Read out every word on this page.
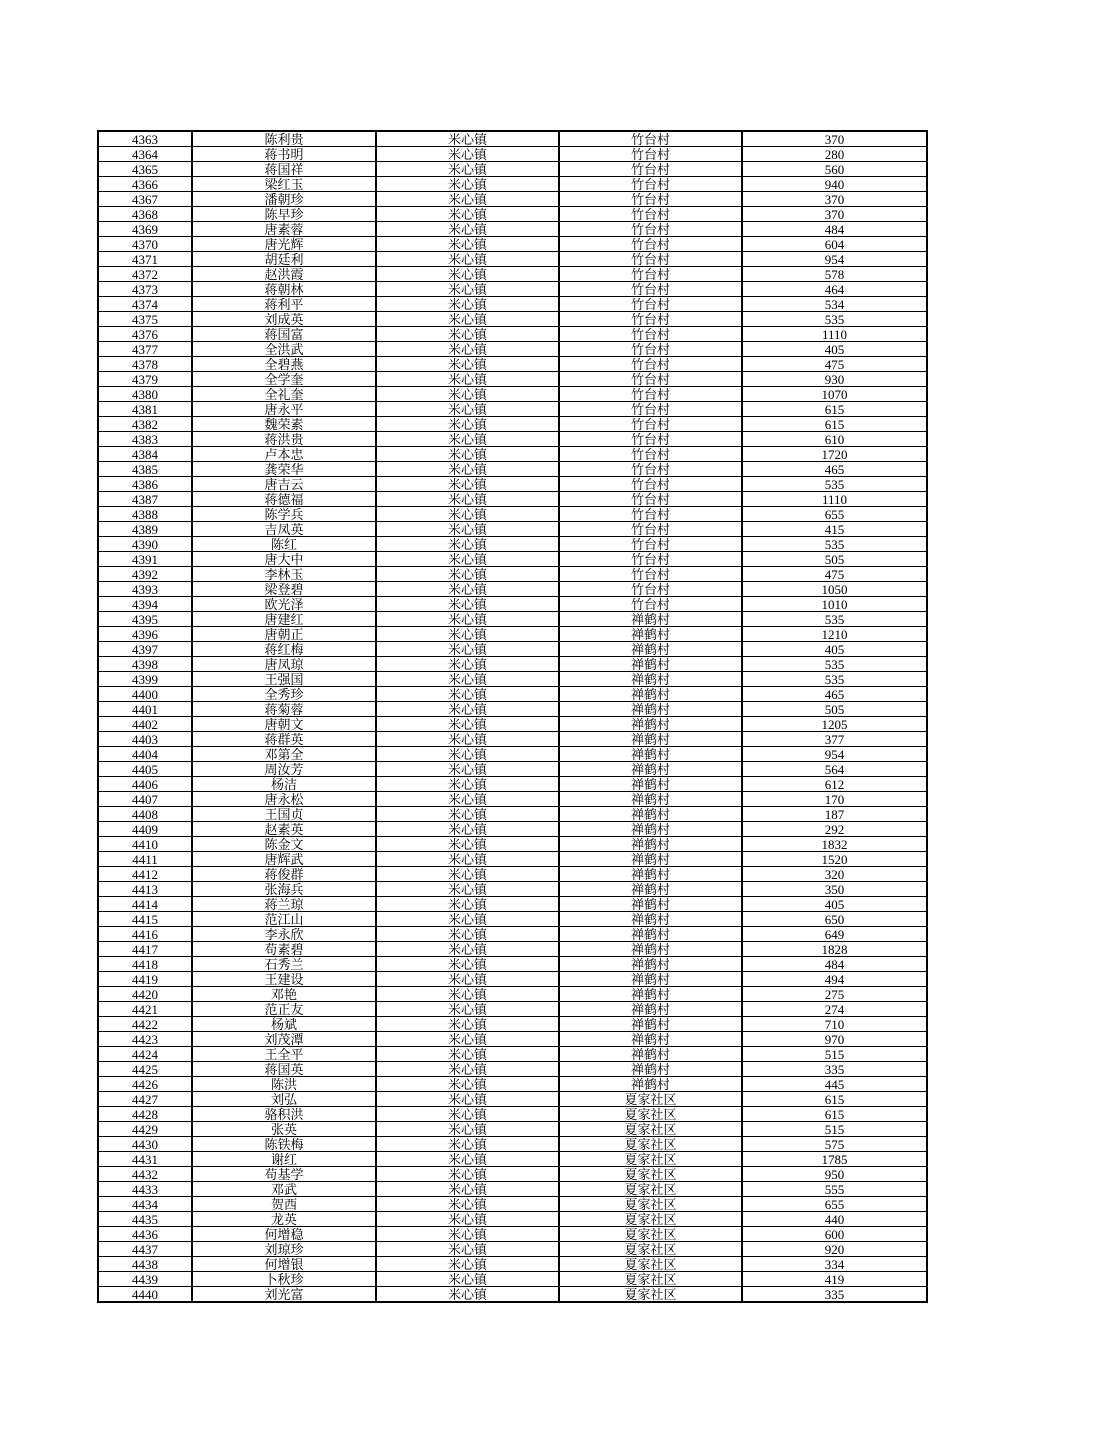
4363	陈利贵	米心镇	竹台村	370
4364	蒋书明	米心镇	竹台村	280
4365	蒋国祥	米心镇	竹台村	560
4366	梁红玉	米心镇	竹台村	940
4367	潘朝珍	米心镇	竹台村	370
4368	陈早珍	米心镇	竹台村	370
4369	唐素蓉	米心镇	竹台村	484
4370	唐光辉	米心镇	竹台村	604
4371	胡廷利	米心镇	竹台村	954
4372	赵洪霞	米心镇	竹台村	578
4373	蒋朝林	米心镇	竹台村	464
4374	蒋利平	米心镇	竹台村	534
4375	刘成英	米心镇	竹台村	535
4376	蒋国富	米心镇	竹台村	1110
4377	全洪武	米心镇	竹台村	405
4378	全碧燕	米心镇	竹台村	475
4379	全学奎	米心镇	竹台村	930
4380	全礼奎	米心镇	竹台村	1070
4381	唐永平	米心镇	竹台村	615
4382	魏荣素	米心镇	竹台村	615
4383	蒋洪贵	米心镇	竹台村	610
4384	卢本忠	米心镇	竹台村	1720
4385	龚荣华	米心镇	竹台村	465
4386	唐吉云	米心镇	竹台村	535
4387	蒋德福	米心镇	竹台村	1110
4388	陈学兵	米心镇	竹台村	655
4389	吉凤英	米心镇	竹台村	415
4390	陈红	米心镇	竹台村	535
4391	唐大中	米心镇	竹台村	505
4392	李林玉	米心镇	竹台村	475
4393	梁登碧	米心镇	竹台村	1050
4394	欧光泽	米心镇	竹台村	1010
4395	唐建红	米心镇	禅鹤村	535
4396	唐朝正	米心镇	禅鹤村	1210
4397	蒋红梅	米心镇	禅鹤村	405
4398	唐凤琼	米心镇	禅鹤村	535
4399	王强国	米心镇	禅鹤村	535
4400	全秀珍	米心镇	禅鹤村	465
4401	蒋菊蓉	米心镇	禅鹤村	505
4402	唐朝文	米心镇	禅鹤村	1205
4403	蒋群英	米心镇	禅鹤村	377
4404	邓第全	米心镇	禅鹤村	954
4405	周汝芳	米心镇	禅鹤村	564
4406	杨洁	米心镇	禅鹤村	612
4407	唐永松	米心镇	禅鹤村	170
4408	王国贞	米心镇	禅鹤村	187
4409	赵素英	米心镇	禅鹤村	292
4410	陈金文	米心镇	禅鹤村	1832
4411	唐辉武	米心镇	禅鹤村	1520
4412	蒋俊群	米心镇	禅鹤村	320
4413	张海兵	米心镇	禅鹤村	350
4414	蒋兰琼	米心镇	禅鹤村	405
4415	范江山	米心镇	禅鹤村	650
4416	李永欣	米心镇	禅鹤村	649
4417	苟素碧	米心镇	禅鹤村	1828
4418	石秀兰	米心镇	禅鹤村	484
4419	王建设	米心镇	禅鹤村	494
4420	邓艳	米心镇	禅鹤村	275
4421	范正友	米心镇	禅鹤村	274
4422	杨斌	米心镇	禅鹤村	710
4423	刘茂潭	米心镇	禅鹤村	970
4424	王全平	米心镇	禅鹤村	515
4425	蒋国英	米心镇	禅鹤村	335
4426	陈洪	米心镇	禅鹤村	445
4427	刘弘	米心镇	夏家社区	615
4428	骆积洪	米心镇	夏家社区	615
4429	张英	米心镇	夏家社区	515
4430	陈铁梅	米心镇	夏家社区	575
4431	谢红	米心镇	夏家社区	1785
4432	苟基学	米心镇	夏家社区	950
4433	邓武	米心镇	夏家社区	555
4434	贺西	米心镇	夏家社区	655
4435	龙英	米心镇	夏家社区	440
4436	何增稳	米心镇	夏家社区	600
4437	刘琼珍	米心镇	夏家社区	920
4438	何增银	米心镇	夏家社区	334
4439	卜秋珍	米心镇	夏家社区	419
4440	刘光富	米心镇	夏家社区	335
